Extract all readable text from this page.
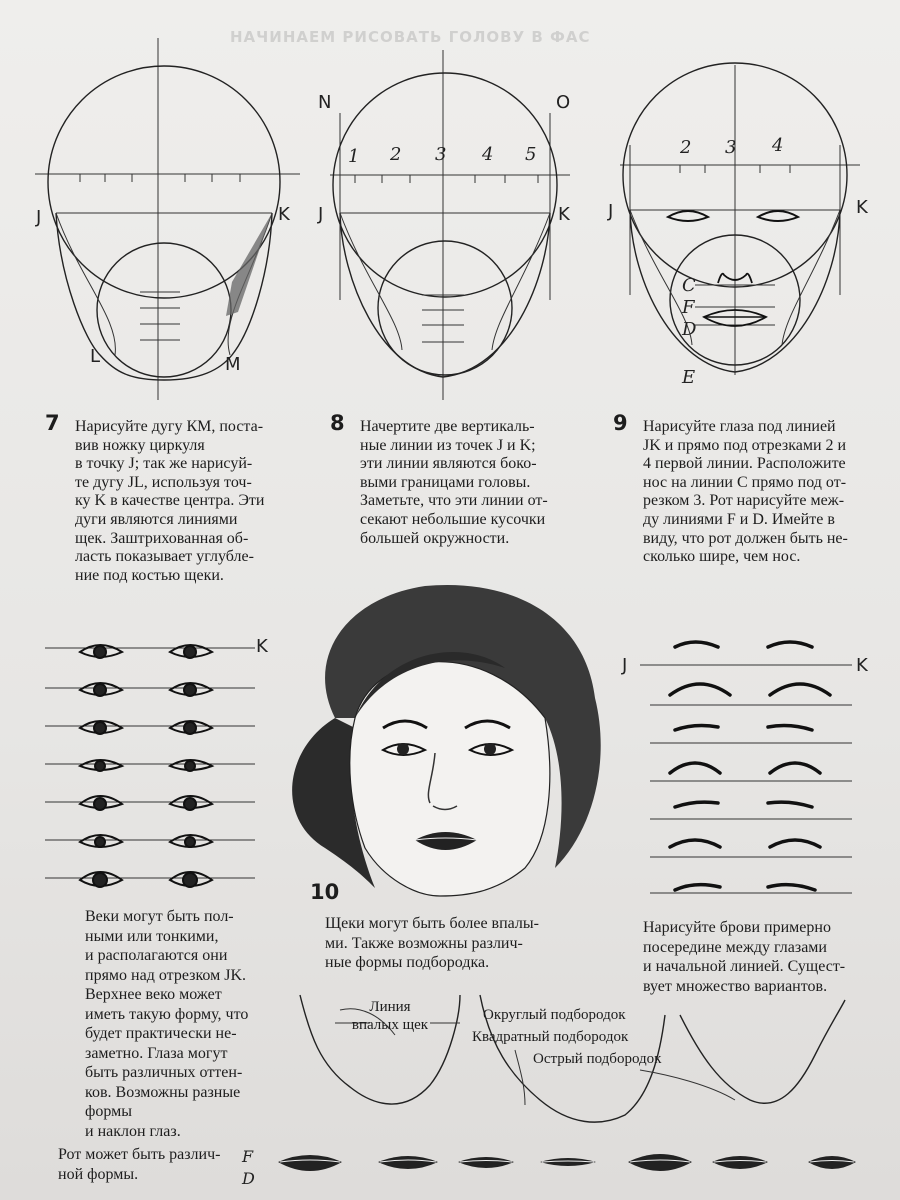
НАЧИНАЕМ РИСОВАТЬ ГОЛОВУ В ФАС
J	K
L	M
N	O
1 2 3 4 5
J	K
2 3 4
J	K
C
F
D
E
7 Нарисуйте дугу КМ, поста-
вив ножку циркуля
в точку J; так же нарисуй-
те дугу JL, используя точ-
ку K в качестве центра. Эти
дуги являются линиями
щек. Заштрихованная об-
ласть показывает углубле-
ние под костью щеки.
8 Начертите две вертикаль-
ные линии из точек J и K;
эти линии являются боко-
выми границами головы.
Заметьте, что эти линии от-
секают небольшие кусочки
большей окружности.
9 Нарисуйте глаза под линией
JK и прямо под отрезками 2 и
4 первой линии. Расположите
нос на линии С прямо под от-
резком 3. Рот нарисуйте меж-
ду линиями F и D. Имейте в
виду, что рот должен быть не-
сколько шире, чем нос.
K
Веки могут быть пол-
ными или тонкими,
и располагаются они
прямо над отрезком JK.
Верхнее веко может
иметь такую форму, что
будет практически не-
заметно. Глаза могут
быть различных оттен-
ков. Возможны разные
формы
и наклон глаз.
10
Щеки могут быть более впалы-
ми. Также возможны различ-
ные формы подбородка.
Линия
впалых щек
Округлый подбородок
Квадратный подбородок
Острый подбородок
J	K
Нарисуйте брови примерно
посередине между глазами
и начальной линией. Сущест-
вует множество вариантов.
Рот может быть различ-
ной формы.
F
D
